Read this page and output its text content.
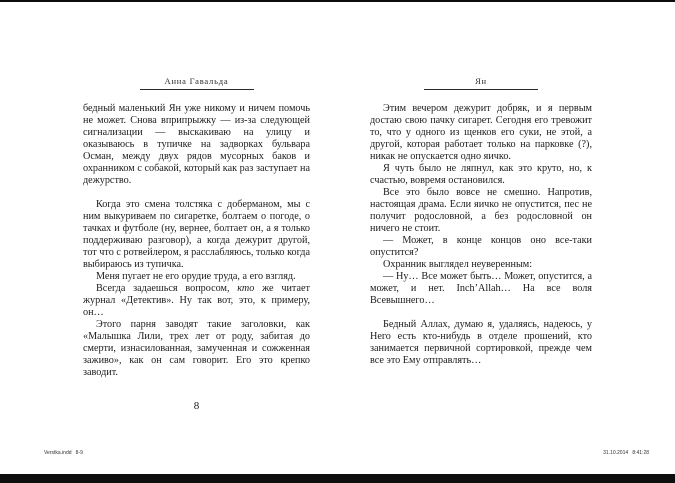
Анна Гавальда

бедный маленький Ян уже никому и ничем помочь не может. Снова вприпрыжку — из-за следующей сигнализации — выскакиваю на улицу и оказываюсь в тупичке на задворках бульвара Осман, между двух рядов мусорных баков и охранником с собакой, который как раз заступает на дежурство.

Когда это смена толстяка с доберманом, мы с ним выкуриваем по сигаретке, болтаем о погоде, о тачках и футболе (ну, вернее, болтает он, а я только поддерживаю разговор), а когда дежурит другой, тот что с ротвейлером, я расслабляюсь, только когда выбираюсь из тупичка.

Меня пугает не его орудие труда, а его взгляд.

Всегда задаешься вопросом, кто же читает журнал «Детектив». Ну так вот, это, к примеру, он…

Этого парня заводят такие заголовки, как «Малышка Лили, трех лет от роду, забитая до смерти, изнасилованная, замученная и сожженная заживо», как он сам говорит. Его это крепко заводит.

8
Ян

Этим вечером дежурит добряк, и я первым достаю свою пачку сигарет. Сегодня его тревожит то, что у одного из щенков его суки, не этой, а другой, которая работает только на парковке (?), никак не опускается одно яичко.

Я чуть было не ляпнул, как это круто, но, к счастью, вовремя остановился.

Все это было вовсе не смешно. Напротив, настоящая драма. Если яичко не опустится, пес не получит родословной, а без родословной он ничего не стоит.

— Может, в конце концов оно все-таки опустится?

Охранник выглядел неуверенным:

— Ну… Все может быть… Может, опустится, а может, и нет. Inch’Allah… На все воля Всевышнего…

Бедный Аллах, думаю я, удаляясь, надеюсь, у Него есть кто-нибудь в отделе прошений, кто занимается первичной сортировкой, прежде чем все это Ему отправлять…

Verstka.indd   8-9	31.10.2014   8:41:28
